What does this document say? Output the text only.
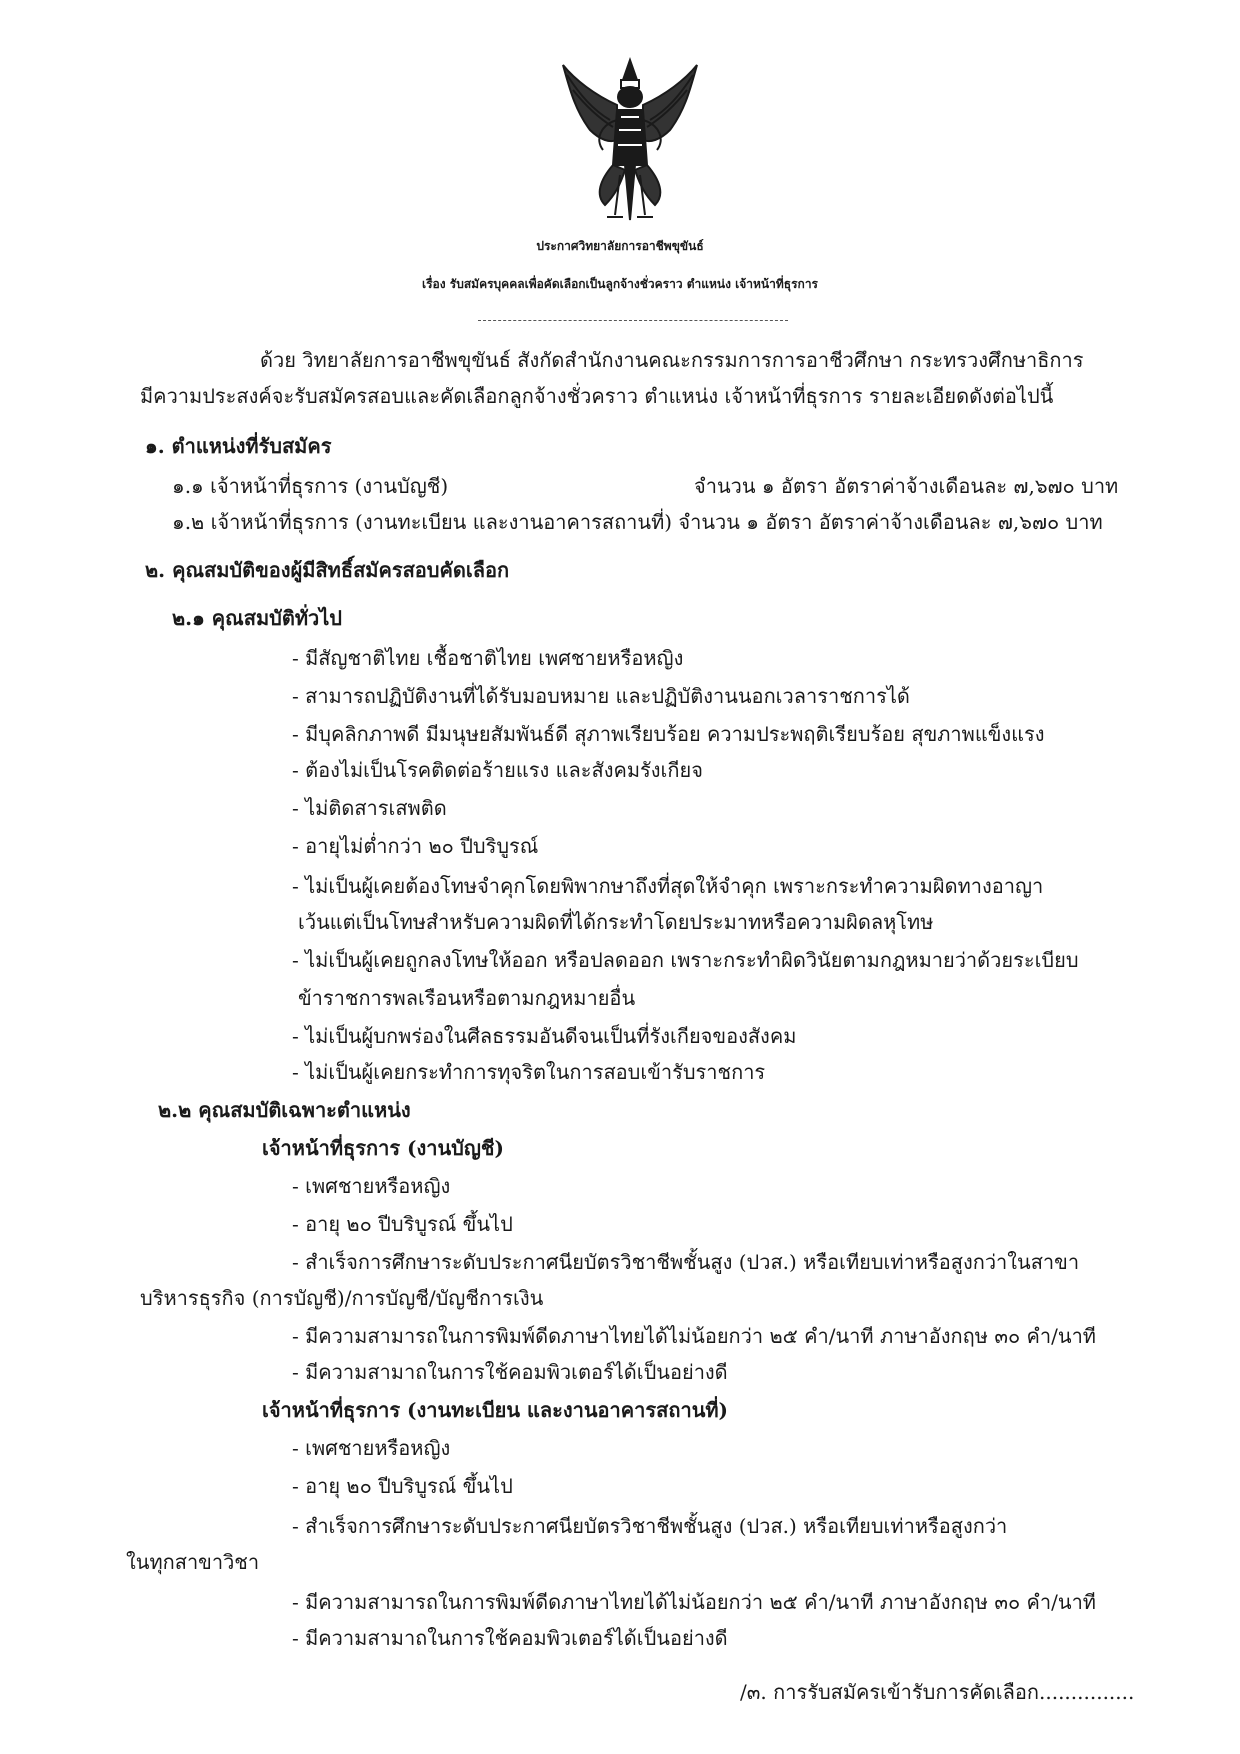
ประกาศวิทยาลัยการอาชีพขุขันธ์
เรื่อง รับสมัครบุคคลเพื่อคัดเลือกเป็นลูกจ้างชั่วคราว ตำแหน่ง เจ้าหน้าที่ธุรการ
ด้วย วิทยาลัยการอาชีพขุขันธ์ สังกัดสำนักงานคณะกรรมการการอาชีวศึกษา กระทรวงศึกษาธิการ
มีความประสงค์จะรับสมัครสอบและคัดเลือกลูกจ้างชั่วคราว ตำแหน่ง เจ้าหน้าที่ธุรการ รายละเอียดดังต่อไปนี้
๑. ตำแหน่งที่รับสมัคร
๑.๑ เจ้าหน้าที่ธุรการ (งานบัญชี)	จำนวน ๑ อัตรา อัตราค่าจ้างเดือนละ ๗,๖๗๐ บาท
๑.๒ เจ้าหน้าที่ธุรการ (งานทะเบียน และงานอาคารสถานที่) จำนวน ๑ อัตรา อัตราค่าจ้างเดือนละ ๗,๖๗๐ บาท
๒. คุณสมบัติของผู้มีสิทธิ์สมัครสอบคัดเลือก
๒.๑ คุณสมบัติทั่วไป
- มีสัญชาติไทย เชื้อชาติไทย เพศชายหรือหญิง
- สามารถปฏิบัติงานที่ได้รับมอบหมาย และปฏิบัติงานนอกเวลาราชการได้
- มีบุคลิกภาพดี มีมนุษยสัมพันธ์ดี สุภาพเรียบร้อย ความประพฤติเรียบร้อย สุขภาพแข็งแรง
- ต้องไม่เป็นโรคติดต่อร้ายแรง และสังคมรังเกียจ
- ไม่ติดสารเสพติด
- อายุไม่ต่ำกว่า ๒๐ ปีบริบูรณ์
- ไม่เป็นผู้เคยต้องโทษจำคุกโดยพิพากษาถึงที่สุดให้จำคุก เพราะกระทำความผิดทางอาญา
เว้นแต่เป็นโทษสำหรับความผิดที่ได้กระทำโดยประมาทหรือความผิดลหุโทษ
- ไม่เป็นผู้เคยถูกลงโทษให้ออก หรือปลดออก เพราะกระทำผิดวินัยตามกฎหมายว่าด้วยระเบียบ
ข้าราชการพลเรือนหรือตามกฎหมายอื่น
- ไม่เป็นผู้บกพร่องในศีลธรรมอันดีจนเป็นที่รังเกียจของสังคม
- ไม่เป็นผู้เคยกระทำการทุจริตในการสอบเข้ารับราชการ
๒.๒ คุณสมบัติเฉพาะตำแหน่ง
เจ้าหน้าที่ธุรการ (งานบัญชี)
- เพศชายหรือหญิง
- อายุ ๒๐ ปีบริบูรณ์ ขึ้นไป
- สำเร็จการศึกษาระดับประกาศนียบัตรวิชาชีพชั้นสูง (ปวส.) หรือเทียบเท่าหรือสูงกว่าในสาขา
บริหารธุรกิจ (การบัญชี)/การบัญชี/บัญชีการเงิน
- มีความสามารถในการพิมพ์ดีดภาษาไทยได้ไม่น้อยกว่า ๒๕ คำ/นาที ภาษาอังกฤษ ๓๐ คำ/นาที
- มีความสามาถในการใช้คอมพิวเตอร์ได้เป็นอย่างดี
เจ้าหน้าที่ธุรการ (งานทะเบียน และงานอาคารสถานที่)
- เพศชายหรือหญิง
- อายุ ๒๐ ปีบริบูรณ์ ขึ้นไป
- สำเร็จการศึกษาระดับประกาศนียบัตรวิชาชีพชั้นสูง (ปวส.) หรือเทียบเท่าหรือสูงกว่า
ในทุกสาขาวิชา
- มีความสามารถในการพิมพ์ดีดภาษาไทยได้ไม่น้อยกว่า ๒๕ คำ/นาที ภาษาอังกฤษ ๓๐ คำ/นาที
- มีความสามาถในการใช้คอมพิวเตอร์ได้เป็นอย่างดี
/๓. การรับสมัครเข้ารับการคัดเลือก...............
